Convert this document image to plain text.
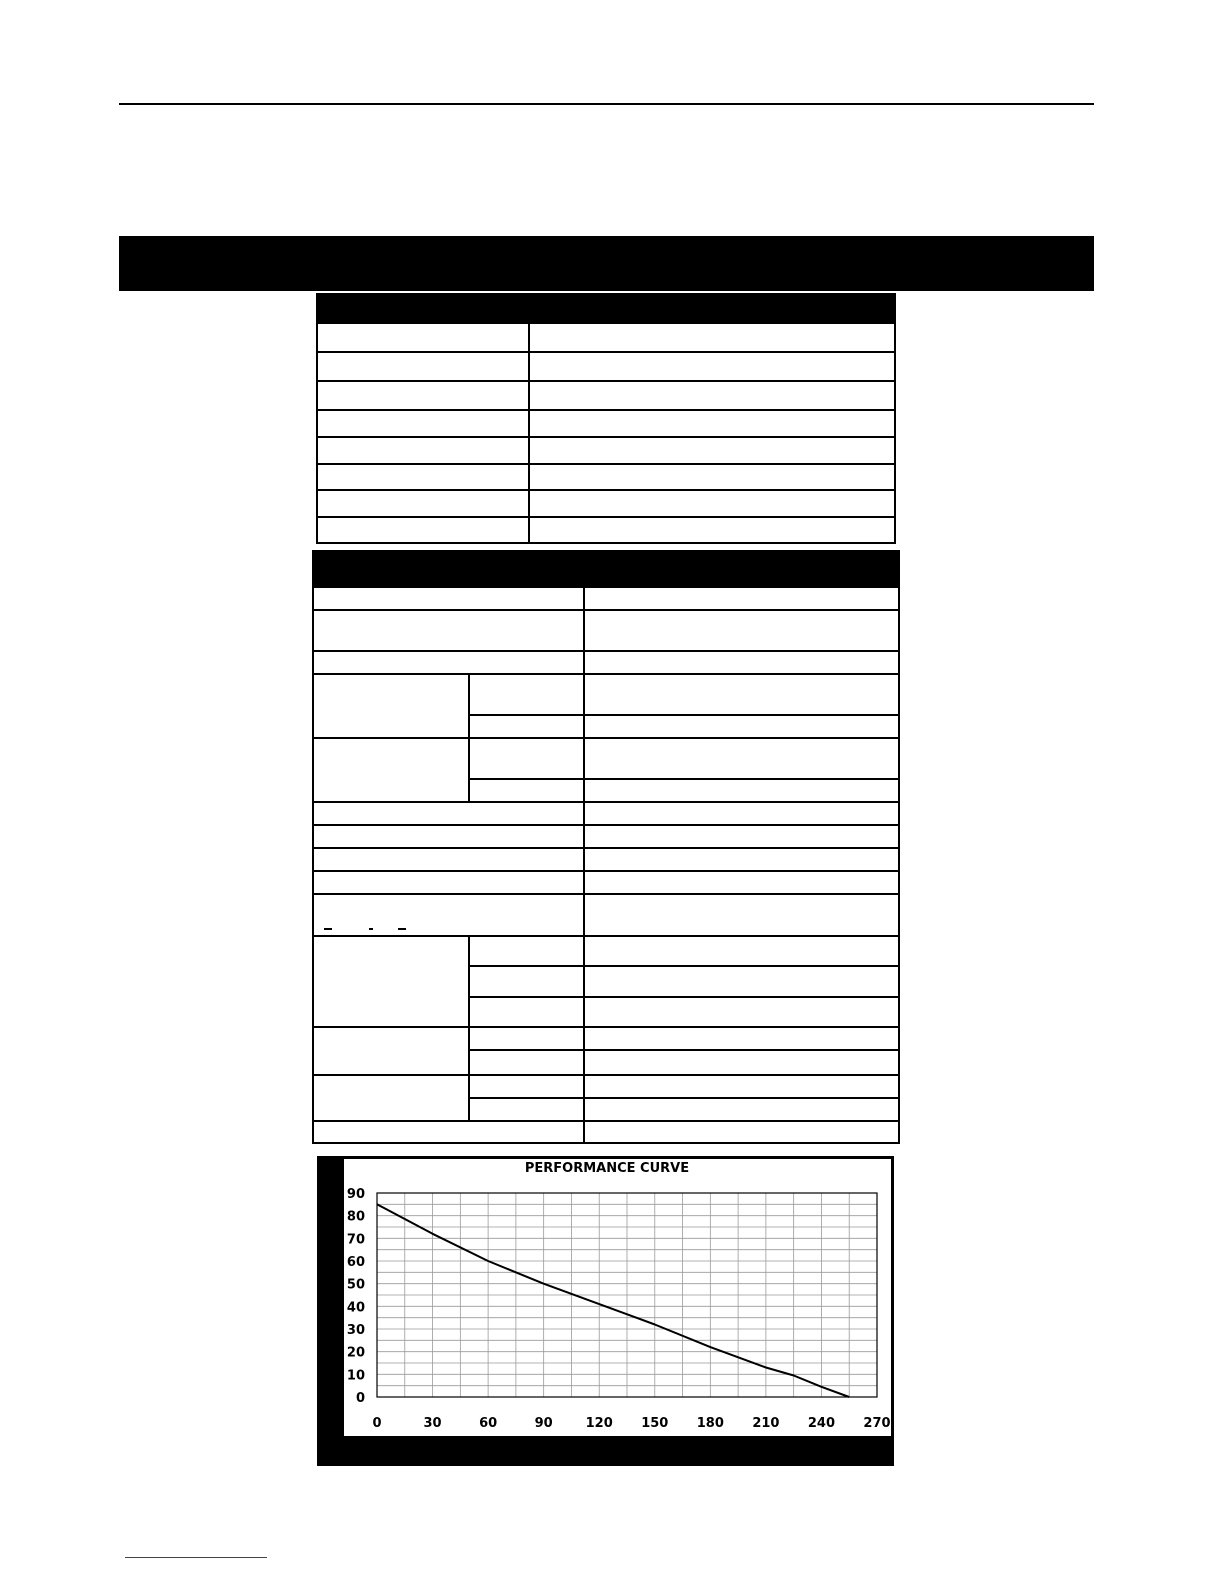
0
10
20
30
40
50
60
70
80
90
0	30	60	90	120 150 180 210 240 270
PERFORMANCE CURVE
